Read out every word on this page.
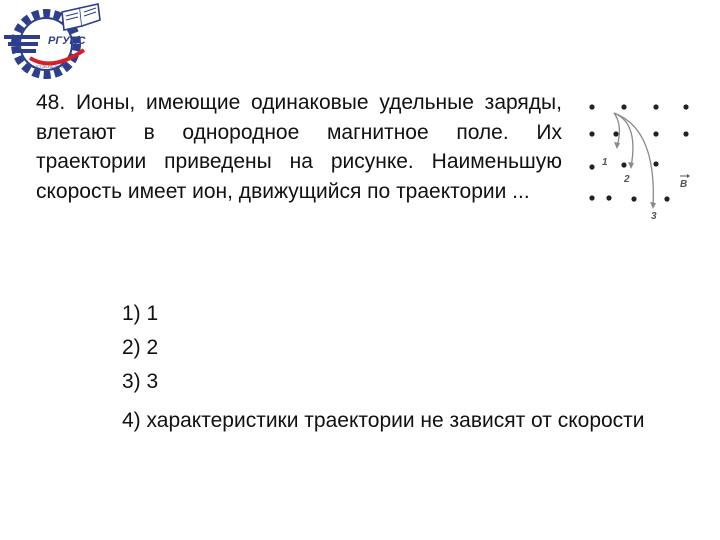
РГУПС
РОСТОВ-НА-ДОНУ

48. Ионы, имеющие одинаковые удельные заряды, влетают в однородное магнитное поле. Их траектории приведены на рисунке. Наименьшую скорость имеет ион, движущийся по траектории ...

1
2
3
B
1) 1
2) 2
3) 3

4) характеристики траектории не зависят от скорости
